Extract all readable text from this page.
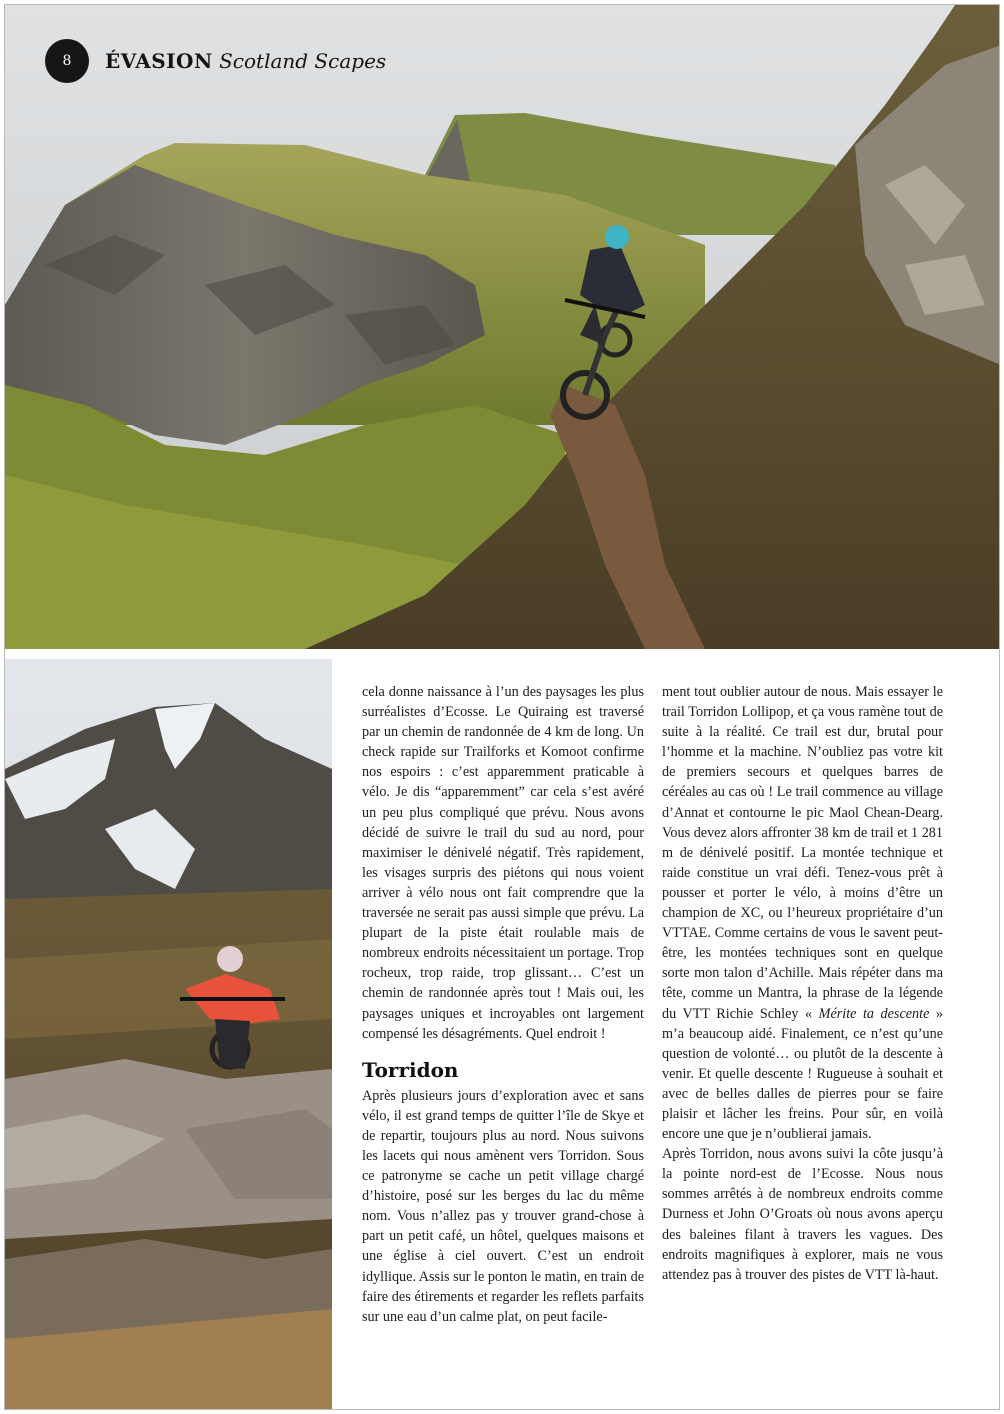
8	ÉVASION Scotland Scapes

cela donne naissance à l’un des paysages les plus surréalistes d’Ecosse. Le Quiraing est traversé par un chemin de randonnée de 4 km de long. Un check rapide sur Trailforks et Komoot confirme nos espoirs : c’est apparemment praticable à vélo. Je dis “apparemment” car cela s’est avéré un peu plus compliqué que prévu. Nous avons décidé de suivre le trail du sud au nord, pour maximiser le dénivelé négatif. Très rapidement, les visages surpris des piétons qui nous voient arriver à vélo nous ont fait comprendre que la traversée ne serait pas aussi simple que prévu. La plupart de la piste était roulable mais de nombreux endroits nécessitaient un portage. Trop rocheux, trop raide, trop glissant… C’est un chemin de randonnée après tout ! Mais oui, les paysages uniques et incroyables ont largement compensé les désagréments. Quel endroit !

Torridon

Après plusieurs jours d’exploration avec et sans vélo, il est grand temps de quitter l’île de Skye et de repartir, toujours plus au nord. Nous suivons les lacets qui nous amènent vers Torridon. Sous ce patronyme se cache un petit village chargé d’histoire, posé sur les berges du lac du même nom. Vous n’allez pas y trouver grand-chose à part un petit café, un hôtel, quelques maisons et une église à ciel ouvert. C’est un endroit idyllique. Assis sur le ponton le matin, en train de faire des étirements et regarder les reflets parfaits sur une eau d’un calme plat, on peut facile-

ment tout oublier autour de nous. Mais essayer le trail Torridon Lollipop, et ça vous ramène tout de suite à la réalité. Ce trail est dur, brutal pour l’homme et la machine. N’oubliez pas votre kit de premiers secours et quelques barres de céréales au cas où ! Le trail commence au village d’Annat et contourne le pic Maol Chean-Dearg. Vous devez alors affronter 38 km de trail et 1 281 m de dénivelé positif. La montée technique et raide constitue un vrai défi. Tenez-vous prêt à pousser et porter le vélo, à moins d’être un champion de XC, ou l’heureux propriétaire d’un VTTAE. Comme certains de vous le savent peut-être, les montées techniques sont en quelque sorte mon talon d’Achille. Mais répéter dans ma tête, comme un Mantra, la phrase de la légende du VTT Richie Schley « Mérite ta descente » m’a beaucoup aidé. Finalement, ce n’est qu’une question de volonté… ou plutôt de la descente à venir. Et quelle descente ! Rugueuse à souhait et avec de belles dalles de pierres pour se faire plaisir et lâcher les freins. Pour sûr, en voilà encore une que je n’oublierai jamais.

Après Torridon, nous avons suivi la côte jusqu’à la pointe nord-est de l’Ecosse. Nous nous sommes arrêtés à de nombreux endroits comme Durness et John O’Groats où nous avons aperçu des baleines filant à travers les vagues. Des endroits magnifiques à explorer, mais ne vous attendez pas à trouver des pistes de VTT là-haut.
